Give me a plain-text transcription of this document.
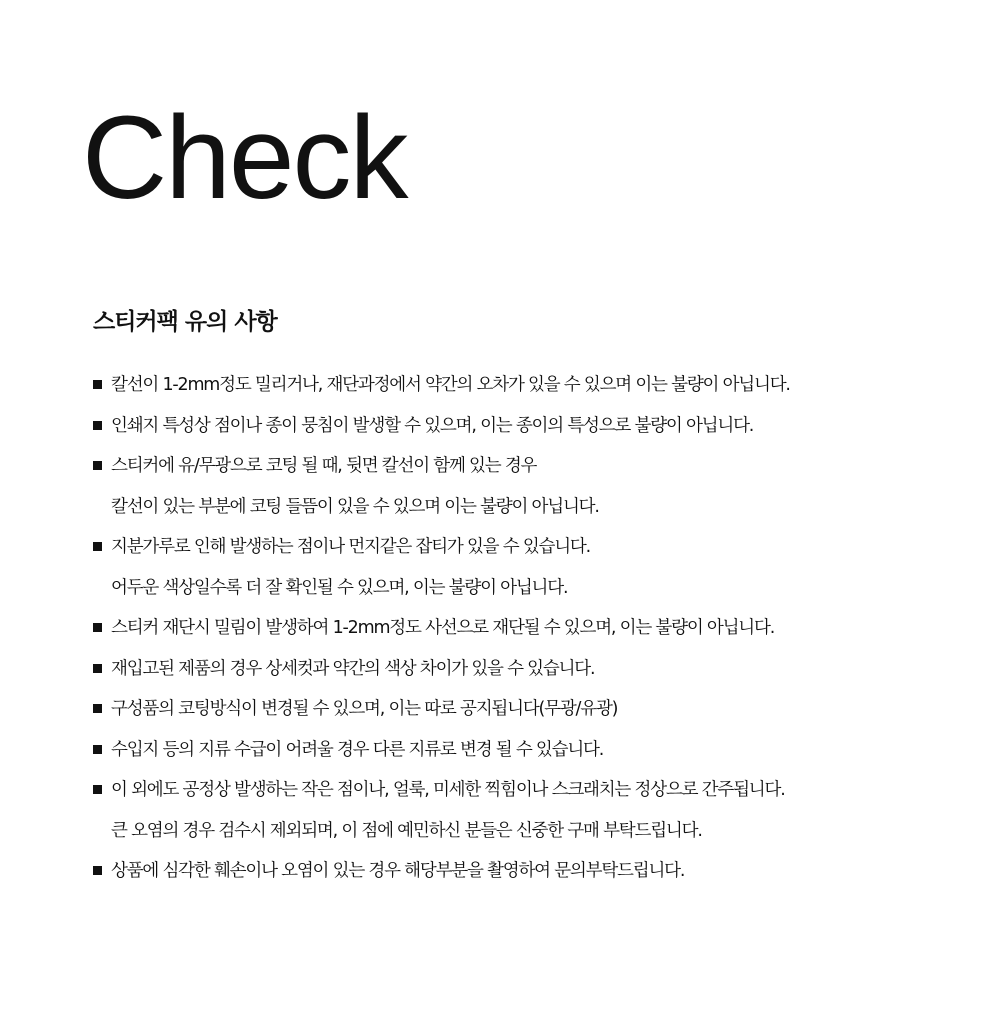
Check
스티커팩 유의 사항
칼선이 1-2mm정도 밀리거나, 재단과정에서 약간의 오차가 있을 수 있으며 이는 불량이 아닙니다.
인쇄지 특성상 점이나 종이 뭉침이 발생할 수 있으며, 이는 종이의 특성으로 불량이 아닙니다.
스티커에 유/무광으로 코팅 될 때, 뒷면 칼선이 함께 있는 경우
칼선이 있는 부분에 코팅 들뜸이 있을 수 있으며 이는 불량이 아닙니다.
지분가루로 인해 발생하는 점이나 먼지같은 잡티가 있을 수 있습니다.
어두운 색상일수록 더 잘 확인될 수 있으며, 이는 불량이 아닙니다.
스티커 재단시 밀림이 발생하여 1-2mm정도 사선으로 재단될 수 있으며, 이는 불량이 아닙니다.
재입고된 제품의 경우 상세컷과 약간의 색상 차이가 있을 수 있습니다.
구성품의 코팅방식이 변경될 수 있으며, 이는 따로 공지됩니다(무광/유광)
수입지 등의 지류 수급이 어려울 경우 다른 지류로 변경 될 수 있습니다.
이 외에도 공정상 발생하는 작은 점이나, 얼룩, 미세한 찍힘이나 스크래치는 정상으로 간주됩니다.
큰 오염의 경우 검수시 제외되며, 이 점에 예민하신 분들은 신중한 구매 부탁드립니다.
상품에 심각한 훼손이나 오염이 있는 경우 해당부분을 촬영하여 문의부탁드립니다.
